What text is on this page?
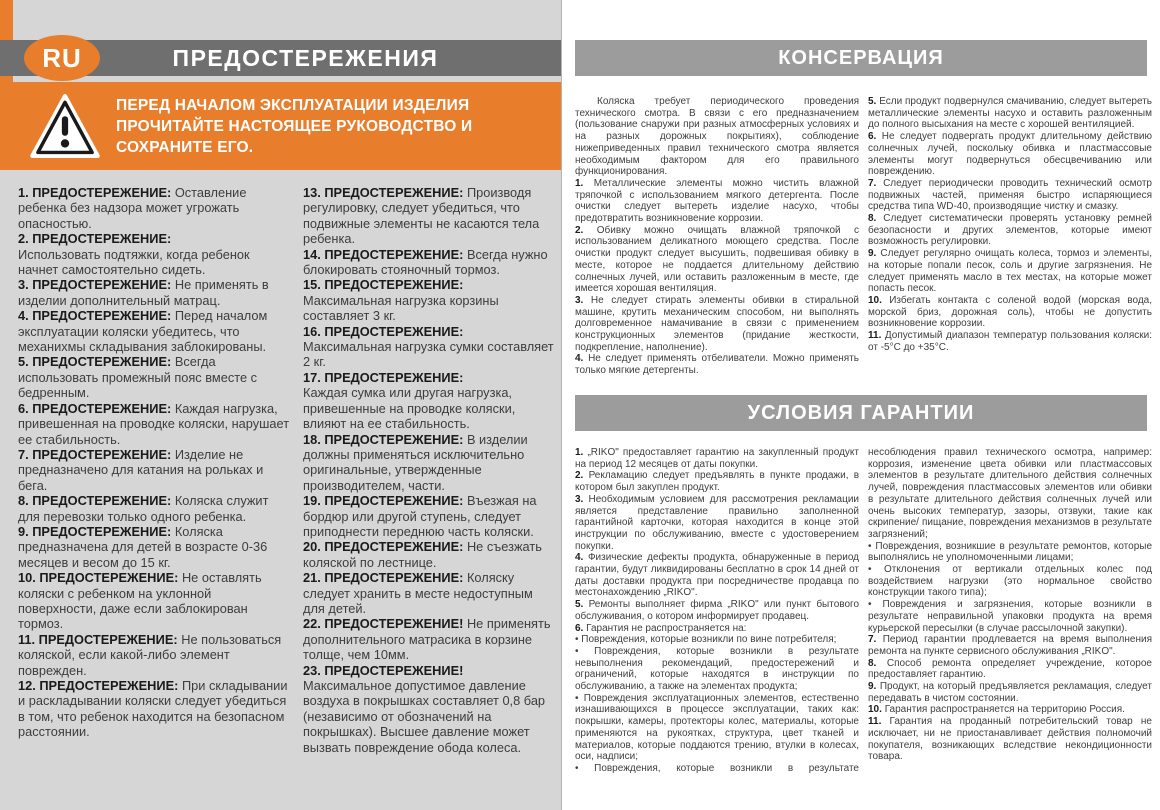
RU	ПРЕДОСТЕРЕЖЕНИЯ
ПЕРЕД НАЧАЛОМ ЭКСПЛУАТАЦИИ ИЗДЕЛИЯ
ПРОЧИТАЙТЕ НАСТОЯЩЕЕ РУКОВОДСТВО И
СОХРАНИТЕ ЕГО.

1. ПРЕДОСТЕРЕЖЕНИЕ: Оставление ребенка без надзора может угрожать опасностью.

2. ПРЕДОСТЕРЕЖЕНИЕ:
Использовать подтяжки, когда ребенок начнет самостоятельно сидеть.

3. ПРЕДОСТЕРЕЖЕНИЕ: Не применять в изделии дополнительный матрац.

4. ПРЕДОСТЕРЕЖЕНИЕ: Перед началом эксплуатации коляски убедитесь, что механихмы складывания заблокированы.

5. ПРЕДОСТЕРЕЖЕНИЕ: Всегда использовать промежный пояс вместе с бедренным.

6. ПРЕДОСТЕРЕЖЕНИЕ: Каждая нагрузка, привешенная на проводке коляски, нарушает ее стабильность.

7. ПРЕДОСТЕРЕЖЕНИЕ: Изделие не предназначено для катания на рольках и бега.

8. ПРЕДОСТЕРЕЖЕНИЕ: Коляска служит для перевозки только одного ребенка.

9. ПРЕДОСТЕРЕЖЕНИЕ: Коляска предназначена для детей в возрасте 0-36 месяцев и весом до 15 кг.

10. ПРЕДОСТЕРЕЖЕНИЕ: Не оставлять коляски с ребенком на уклонной поверхности, даже если заблокирован тормоз.

11. ПРЕДОСТЕРЕЖЕНИЕ: Не пользоваться коляской, если какой-либо элемент поврежден.

12. ПРЕДОСТЕРЕЖЕНИЕ: При складывании и раскладывании коляски следует убедиться в том, что ребенок находится на безопасном расстоянии.

13. ПРЕДОСТЕРЕЖЕНИЕ: Производя регулировку, следует убедиться, что подвижные элементы не касаются тела ребенка.

14. ПРЕДОСТЕРЕЖЕНИЕ: Всегда нужно блокировать стояночный тормоз.

15. ПРЕДОСТЕРЕЖЕНИЕ:
Максимальная нагрузка корзины составляет 3 кг.

16. ПРЕДОСТЕРЕЖЕНИЕ:
Максимальная нагрузка сумки составляет 2 кг.

17. ПРЕДОСТЕРЕЖЕНИЕ:
Каждая сумка или другая нагрузка, привешенные на проводке коляски, влияют на ее стабильность.

18. ПРЕДОСТЕРЕЖЕНИЕ: В изделии должны применяться исключительно оригинальные, утвержденные производителем, части.

19. ПРЕДОСТЕРЕЖЕНИЕ: Въезжая на бордюр или другой ступень, следует приподнести переднюю часть коляски.

20. ПРЕДОСТЕРЕЖЕНИЕ: Не съезжать коляской по лестнице.

21. ПРЕДОСТЕРЕЖЕНИЕ: Коляску следует хранить в месте недоступным для детей.

22. ПРЕДОСТЕРЕЖЕНИЕ! Не применять дополнительного матрасика в корзине толще, чем 10мм.

23. ПРЕДОСТЕРЕЖЕНИЕ!
Максимальное допустимое давление воздуха в покрышках составляет 0,8 бар (независимо от обозначений на покрышках). Высшее давление может вызвать повреждение обода колеса.

КОНСЕРВАЦИЯ

Коляска требует периодического проведения технического смотра. В связи с его предназначением (пользование снаружи при разных атмосферных условиях и на разных дорожных покрытиях), соблюдение нижеприведенных правил технического смотра является необходимым фактором для его правильного функционирования.

1. Металлические элементы можно чистить влажной тряпочкой с использованием мягкого детергента. После очистки следует вытереть изделие насухо, чтобы предотвратить возникновение коррозии.

2. Обивку можно очищать влажной тряпочкой с использованием деликатного моющего средства. После очистки продукт следует высушить, подвешивая обивку в месте, которое не поддается длительному действию солнечных лучей, или оставить разложенным в месте, где имеется хорошая вентиляция.

3. Не следует стирать элементы обивки в стиральной машине, крутить механическим способом, ни выполнять долговременное намачивание в связи с применением конструкционных элементов (придание жесткости, подкрепление, наполнение).

4. Не следует применять отбеливатели. Можно применять только мягкие детергенты.

5. Если продукт подвернулся смачиванию, следует вытереть металлические элементы насухо и оставить разложенным до полного высыхания на месте с хорошей вентиляцией.

6. Не следует подвергать продукт длительному действию солнечных лучей, поскольку обивка и пластмассовые элементы могут подвернуться обесцвечиванию или повреждению.

7. Следует периодически проводить технический осмотр подвижных частей, применяя быстро испаряющиеся средства типа WD-40, производящие чистку и смазку.

8. Следует систематически проверять установку ремней безопасности и других элементов, которые имеют возможность регулировки.

9. Следует регулярно очищать колеса, тормоз и элементы, на которые попали песок, соль и другие загрязнения. Не следует применять масло в тех местах, на которые может попасть песок.

10. Избегать контакта с соленой водой (морская вода, морской бриз, дорожная соль), чтобы не допустить возникновение коррозии.

11. Допустимый диапазон температур пользования коляски: от -5°C до +35°C.

УСЛОВИЯ ГАРАНТИИ

1. „RIKO" предоставляет гарантию на закупленный продукт на период 12 месяцев от даты покупки.

2. Рекламацию следует предъявлять в пункте продажи, в котором был закуплен продукт.

3. Необходимым условием для рассмотрения рекламации является представление правильно заполненной гарантийной карточки, которая находится в конце этой инструкции по обслуживанию, вместе с удостоверением покупки.

4. Физические дефекты продукта, обнаруженные в период гарантии, будут ликвидированы бесплатно в срок 14 дней от даты доставки продукта при посредничестве продавца по местонахождению „RIKO".

5. Ремонты выполняет фирма „RIKO" или пункт бытового обслуживания, о котором информирует продавец.

6. Гарантия не распространяется на:

• Повреждения, которые возникли по вине потребителя;

• Повреждения, которые возникли в результате невыполнения рекомендаций, предостережений и ограничений, которые находятся в инструкции по обслуживанию, а также на элементах продукта;

• Повреждения эксплуатационных элементов, естественно изнашивающихся в процессе эксплуатации, таких как: покрышки, камеры, протекторы колес, материалы, которые применяются на рукоятках, структура, цвет тканей и материалов, которые поддаются трению, втулки в колесах, оси, надписи;

• Повреждения, которые возникли в результате

несоблюдения правил технического осмотра, например: коррозия, изменение цвета обивки или пластмассовых элементов в результате длительного действия солнечных лучей, повреждения пластмассовых элементов или обивки в результате длительного действия солнечных лучей или очень высоких температур, зазоры, отзвуки, такие как скрипение/ пищание, повреждения механизмов в результате загрязнений;

• Повреждения, возникшие в результате ремонтов, которые выполнялись не уполномоченными лицами;

• Отклонения от вертикали отдельных колес под воздействием нагрузки (это нормальное свойство конструкции такого типа);

• Повреждения и загрязнения, которые возникли в результате неправильной упаковки продукта на время курьерской пересылки (в случае рассылочной закупки).

7. Период гарантии продлевается на время выполнения ремонта на пункте сервисного обслуживания „RIKO".

8. Способ ремонта определяет учреждение, которое предоставляет гарантию.

9. Продукт, на который предъявляется рекламация, следует передавать в чистом состоянии.

10. Гарантия распространяется на территорию Россия.

11. Гарантия на проданный потребительский товар не исключает, ни не приостанавливает действия полномочий покупателя, возникающих вследствие некондиционности товара.
